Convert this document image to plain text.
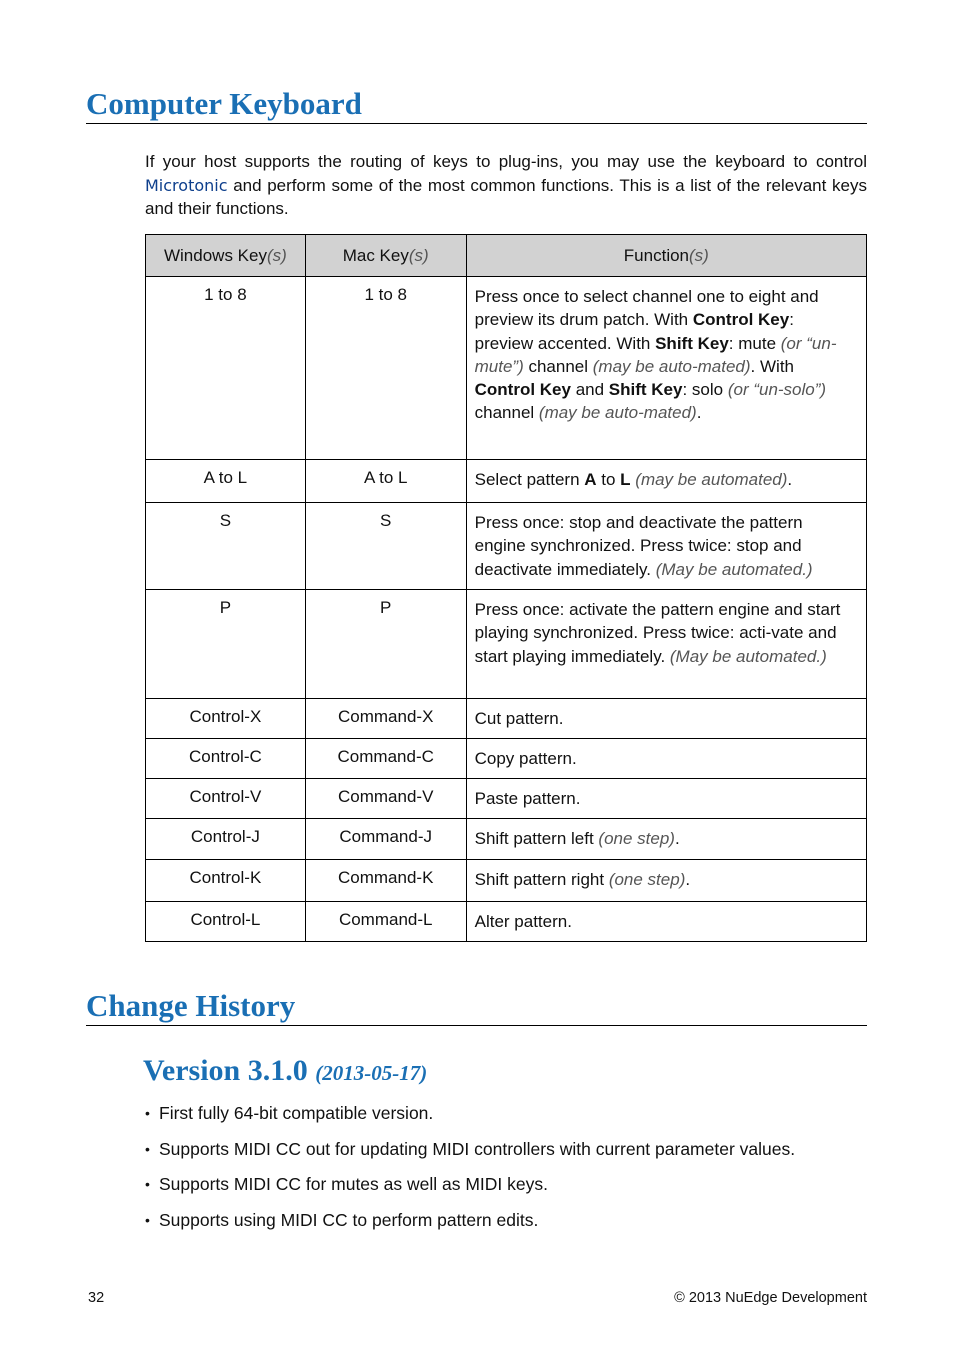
Computer Keyboard

If your host supports the routing of keys to plug-ins, you may use the keyboard to control Microtonic and perform some of the most common functions. This is a list of the relevant keys and their functions.

Windows Key(s)	Mac Key(s)	Function(s)
1 to 8	1 to 8	Press once to select channel one to eight and preview its drum patch. With Control Key: preview accented. With Shift Key: mute (or “un-mute”) channel (may be auto-mated). With Control Key and Shift Key: solo (or “un-solo”) channel (may be auto-mated).
A to L	A to L	Select pattern A to L (may be automated).
S	S	Press once: stop and deactivate the pattern engine synchronized. Press twice: stop and deactivate immediately. (May be automated.)
P	P	Press once: activate the pattern engine and start playing synchronized. Press twice: acti-vate and start playing immediately. (May be automated.)
Control-X	Command-X	Cut pattern.
Control-C	Command-C	Copy pattern.
Control-V	Command-V	Paste pattern.
Control-J	Command-J	Shift pattern left (one step).
Control-K	Command-K	Shift pattern right (one step).
Control-L	Command-L	Alter pattern.
Change History
Version 3.1.0 (2013-05-17)
• First fully 64-bit compatible version.
• Supports MIDI CC out for updating MIDI controllers with current parameter values.
• Supports MIDI CC for mutes as well as MIDI keys.
• Supports using MIDI CC to perform pattern edits.
32	© 2013 NuEdge Development
